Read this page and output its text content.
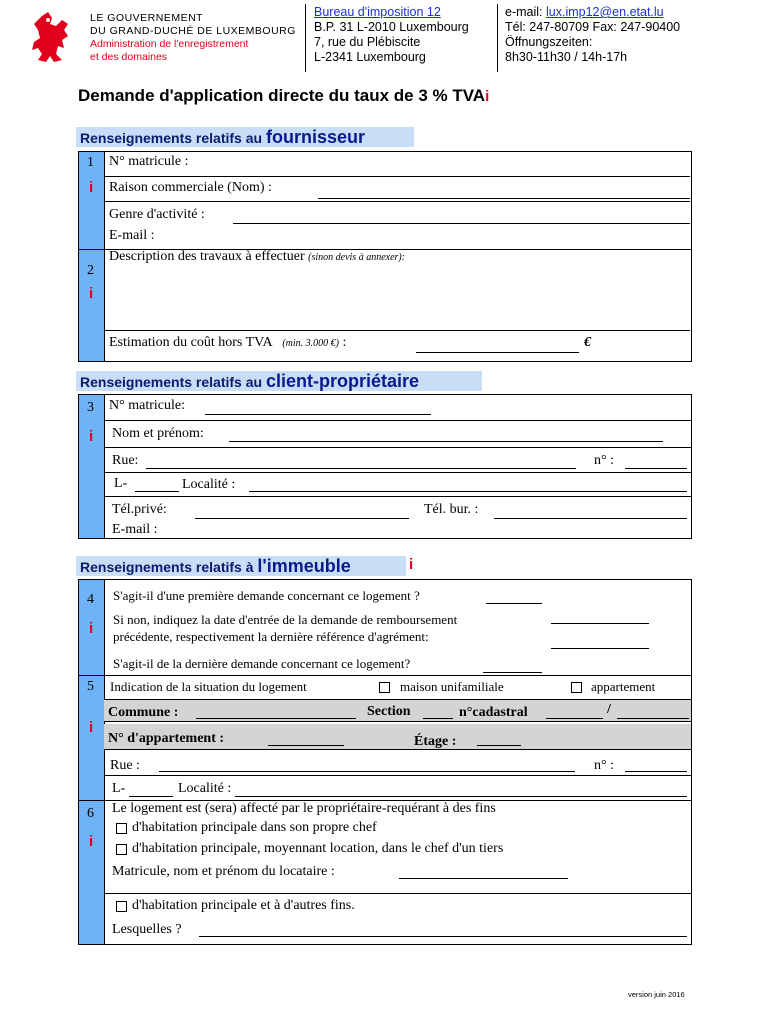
LE GOUVERNEMENT
DU GRAND-DUCHÉ DE LUXEMBOURG
Administration de l'enregistrement
et des domaines
Bureau d'imposition 12
B.P. 31 L-2010 Luxembourg
7, rue du Plébiscite
L-2341 Luxembourg
e-mail: lux.imp12@en.etat.lu
Tél: 247-80709 Fax: 247-90400
Öffnungszeiten:
8h30-11h30 / 14h-17h
Demande d'application directe du taux de 3 % TVAi
Renseignements relatifs au fournisseur
1
i
2
i
N° matricule :
Raison commerciale (Nom) :
Genre d'activité :
E-mail :
Description des travaux à effectuer (sinon devis à annexer):
Estimation du coût hors TVA (min. 3.000 €) :	€
Renseignements relatifs au client-propriétaire
3
i
N° matricule:
Nom et prénom:
Rue:	n° :
L-	Localité :
Tél.privé:	Tél. bur. :
E-mail :
Renseignements relatifs à l'immeuble	i
4
i
5
i
6
i
S'agit-il d'une première demande concernant ce logement ?
Si non, indiquez la date d'entrée de la demande de remboursement
précédente, respectivement la dernière référence d'agrément:
S'agit-il de la dernière demande concernant ce logement?
Indication de la situation du logement	maison unifamiliale	appartement
Commune :	Section	n°cadastral	/
N° d'appartement :	Étage :
Rue :	n° :
L-	Localité :
Le logement est (sera) affecté par le propriétaire-requérant à des fins
d'habitation principale dans son propre chef
d'habitation principale, moyennant location, dans le chef d'un tiers
Matricule, nom et prénom du locataire :
d'habitation principale et à d'autres fins.
Lesquelles ?
version juin 2016
